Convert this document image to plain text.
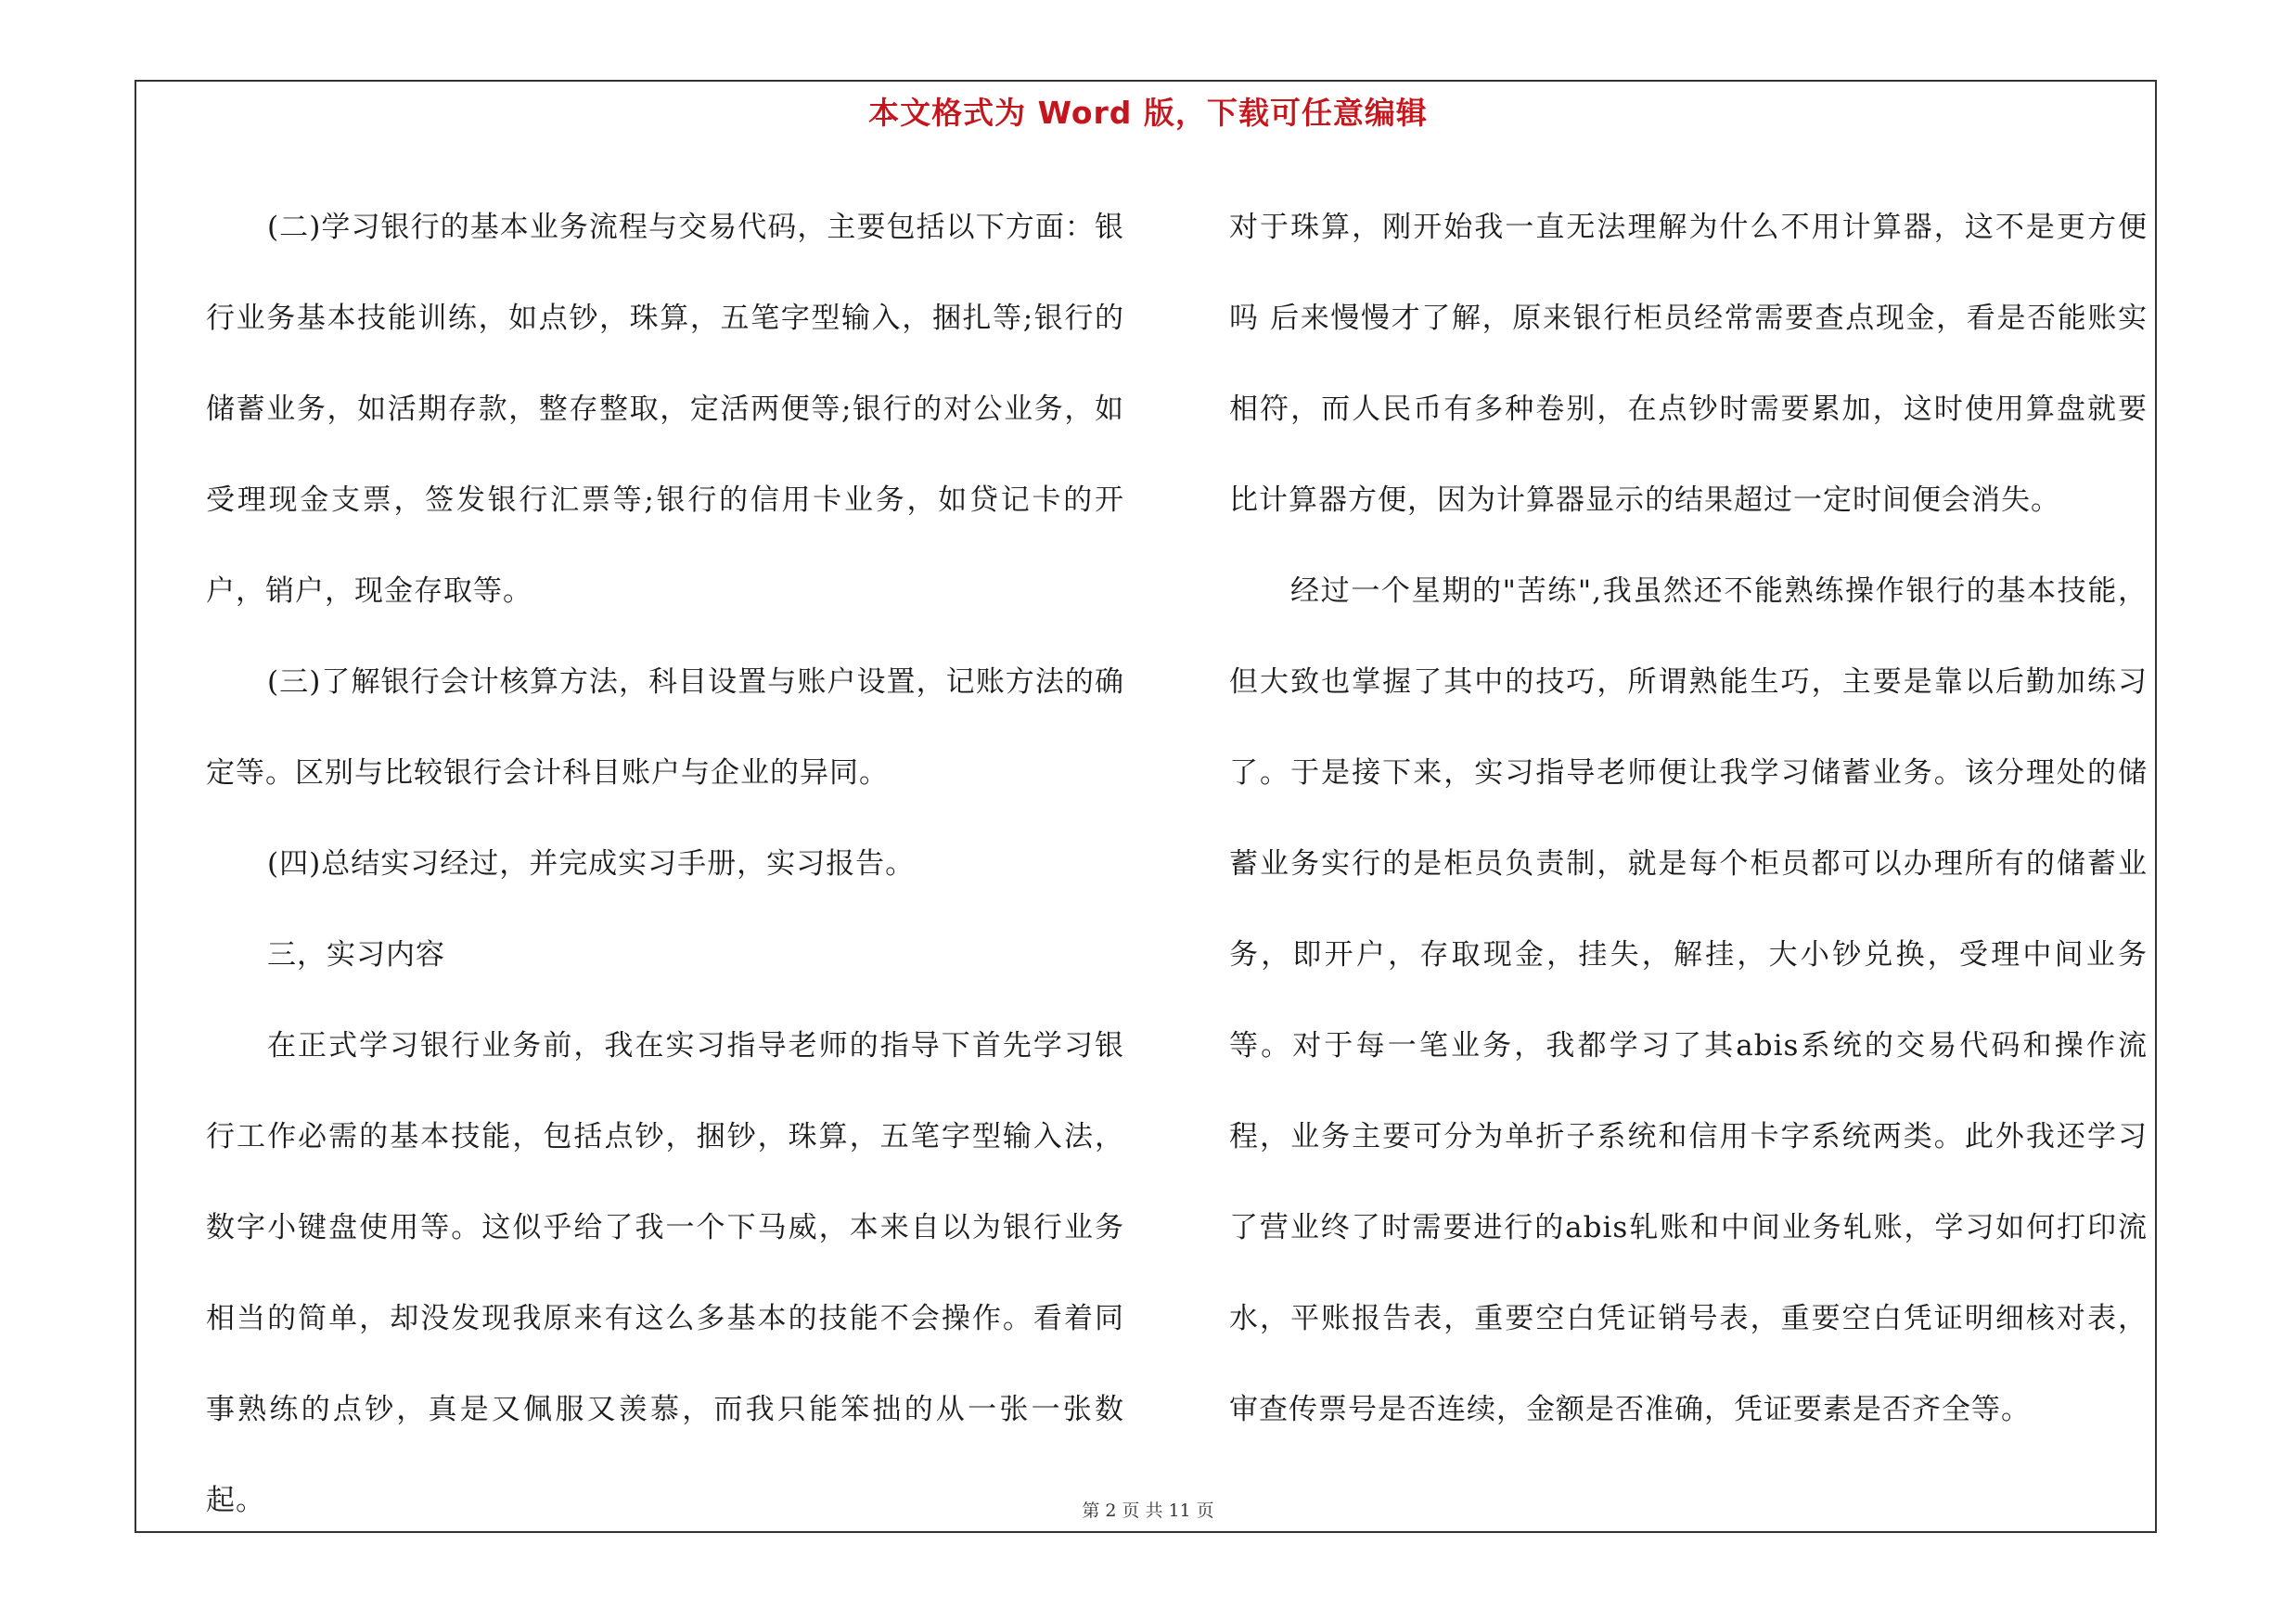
本文格式为 Word 版，下载可任意编辑

(二)学习银行的基本业务流程与交易代码，主要包括以下方面：银行业务基本技能训练，如点钞，珠算，五笔字型输入，捆扎等;银行的储蓄业务，如活期存款，整存整取，定活两便等;银行的对公业务，如受理现金支票，签发银行汇票等;银行的信用卡业务，如贷记卡的开户，销户，现金存取等。

(三)了解银行会计核算方法，科目设置与账户设置，记账方法的确定等。区别与比较银行会计科目账户与企业的异同。

(四)总结实习经过，并完成实习手册，实习报告。

三，实习内容

在正式学习银行业务前，我在实习指导老师的指导下首先学习银行工作必需的基本技能，包括点钞，捆钞，珠算，五笔字型输入法，数字小键盘使用等。这似乎给了我一个下马威，本来自以为银行业务相当的简单，却没发现我原来有这么多基本的技能不会操作。看着同事熟练的点钞，真是又佩服又羡慕，而我只能笨拙的从一张一张数起。

对于珠算，刚开始我一直无法理解为什么不用计算器，这不是更方便吗 后来慢慢才了解，原来银行柜员经常需要查点现金，看是否能账实相符，而人民币有多种卷别，在点钞时需要累加，这时使用算盘就要比计算器方便，因为计算器显示的结果超过一定时间便会消失。

经过一个星期的"苦练",我虽然还不能熟练操作银行的基本技能，但大致也掌握了其中的技巧，所谓熟能生巧，主要是靠以后勤加练习了。于是接下来，实习指导老师便让我学习储蓄业务。该分理处的储蓄业务实行的是柜员负责制，就是每个柜员都可以办理所有的储蓄业务，即开户，存取现金，挂失，解挂，大小钞兑换，受理中间业务等。对于每一笔业务，我都学习了其abis系统的交易代码和操作流程，业务主要可分为单折子系统和信用卡字系统两类。此外我还学习了营业终了时需要进行的abis轧账和中间业务轧账，学习如何打印流水，平账报告表，重要空白凭证销号表，重要空白凭证明细核对表，审查传票号是否连续，金额是否准确，凭证要素是否齐全等。

第 2 页 共 11 页
